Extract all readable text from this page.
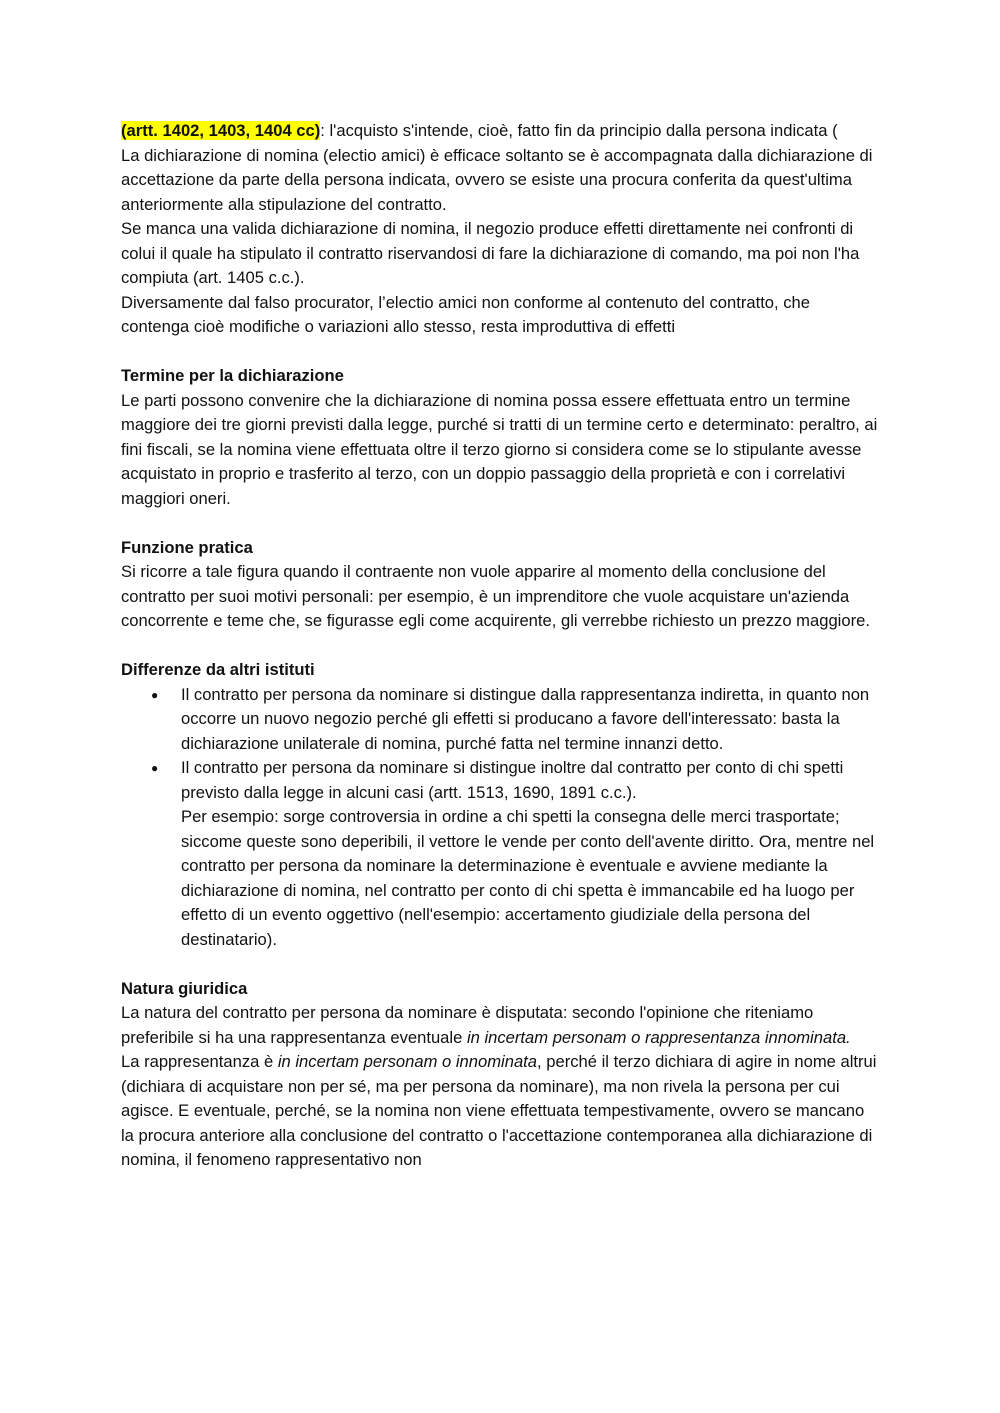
(artt. 1402, 1403, 1404 cc): l'acquisto s'intende, cioè, fatto fin da principio dalla persona indicata (

La dichiarazione di nomina (electio amici) è efficace soltanto se è accompagnata dalla dichiarazione di accettazione da parte della persona indicata, ovvero se esiste una procura conferita da quest'ultima anteriormente alla stipulazione del contratto.

Se manca una valida dichiarazione di nomina, il negozio produce effetti direttamente nei confronti di colui il quale ha stipulato il contratto riservandosi di fare la dichiarazione di comando, ma poi non l'ha compiuta (art. 1405 c.c.).

Diversamente dal falso procurator, l’electio amici non conforme al contenuto del contratto, che contenga cioè modifiche o variazioni allo stesso, resta improduttiva di effetti

Termine per la dichiarazione

Le parti possono convenire che la dichiarazione di nomina possa essere effettuata entro un termine maggiore dei tre giorni previsti dalla legge, purché si tratti di un termine certo e determinato: peraltro, ai fini fiscali, se la nomina viene effettuata oltre il terzo giorno si considera come se lo stipulante avesse acquistato in proprio e trasferito al terzo, con un doppio passaggio della proprietà e con i correlativi maggiori oneri.

Funzione pratica

Si ricorre a tale figura quando il contraente non vuole apparire al momento della conclusione del contratto per suoi motivi personali: per esempio, è un imprenditore che vuole acquistare un'azienda concorrente e teme che, se figurasse egli come acquirente, gli verrebbe richiesto un prezzo maggiore.

Differenze da altri istituti

● Il contratto per persona da nominare si distingue dalla rappresentanza indiretta, in quanto non occorre un nuovo negozio perché gli effetti si producano a favore dell'interessato: basta la dichiarazione unilaterale di nomina, purché fatta nel termine innanzi detto.

● Il contratto per persona da nominare si distingue inoltre dal contratto per conto di chi spetti previsto dalla legge in alcuni casi (artt. 1513, 1690, 1891 c.c.).

Per esempio: sorge controversia in ordine a chi spetti la consegna delle merci trasportate; siccome queste sono deperibili, il vettore le vende per conto dell'avente diritto. Ora, mentre nel contratto per persona da nominare la determinazione è eventuale e avviene mediante la dichiarazione di nomina, nel contratto per conto di chi spetta è immancabile ed ha luogo per effetto di un evento oggettivo (nell'esempio: accertamento giudiziale della persona del destinatario).

Natura giuridica

La natura del contratto per persona da nominare è disputata: secondo l'opinione che riteniamo preferibile si ha una rappresentanza eventuale in incertam personam o rappresentanza innominata.

La rappresentanza è in incertam personam o innominata, perché il terzo dichiara di agire in nome altrui (dichiara di acquistare non per sé, ma per persona da nominare), ma non rivela la persona per cui agisce. E eventuale, perché, se la nomina non viene effettuata tempestivamente, ovvero se mancano la procura anteriore alla conclusione del contratto o l'accettazione contemporanea alla dichiarazione di nomina, il fenomeno rappresentativo non
